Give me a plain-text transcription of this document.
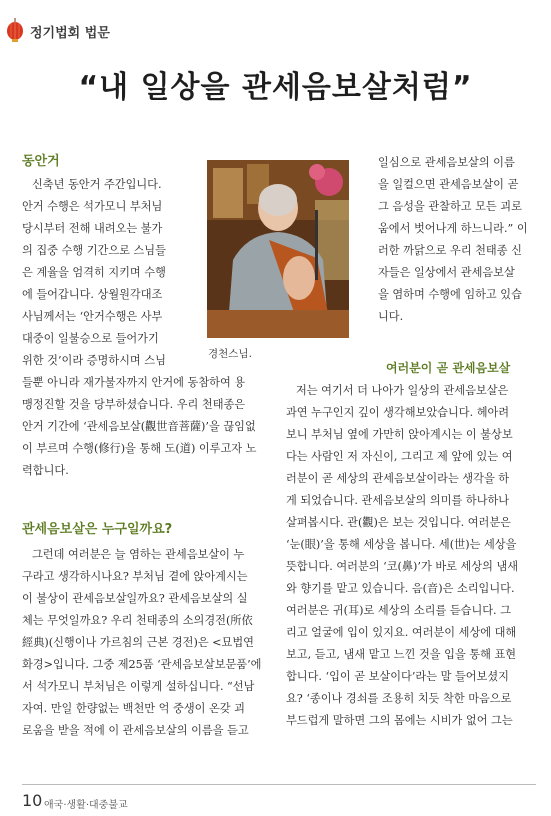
정기법회 법문
“내 일상을 관세음보살처럼”
동안거
여러분이 곧 관세음보살
관세음보살은 누구일까요?
신축년 동안거 주간입니다.
안거 수행은 석가모니 부처님
당시부터 전해 내려오는 불가
의 집중 수행 기간으로 스님들
은 계율을 엄격히 지키며 수행
에 들어갑니다. 상월원각대조
사님께서는 ‘안거수행은 사부
대중이 일불승으로 들어가기
위한 것’이라 증명하시며 스님
들뿐 아니라 재가불자까지 안거에 동참하여 용
맹정진할 것을 당부하셨습니다. 우리 천태종은
안거 기간에 ‘관세음보살(觀世音菩薩)’을 끊임없
이 부르며 수행(修行)을 통해 도(道) 이루고자 노
력합니다.
그런데 여러분은 늘 염하는 관세음보살이 누
구라고 생각하시나요? 부처님 곁에 앉아계시는
이 불상이 관세음보살일까요? 관세음보살의 실
체는 무엇일까요? 우리 천태종의 소의경전(所依
經典)(신행이나 가르침의 근본 경전)은 <묘법연
화경>입니다. 그중 제25품 ‘관세음보살보문품’에
서 석가모니 부처님은 이렇게 설하십니다. “선남
자여. 만일 한량없는 백천만 억 중생이 온갖 괴
로움을 받을 적에 이 관세음보살의 이름을 듣고
경천스님.
일심으로 관세음보살의 이름
을 일컬으면 관세음보살이 곧
그 음성을 관찰하고 모든 괴로
움에서 벗어나게 하느니라.” 이
러한 까닭으로 우리 천태종 신
자들은 일상에서 관세음보살
을 염하며 수행에 임하고 있습
니다.
저는 여기서 더 나아가 일상의 관세음보살은
과연 누구인지 깊이 생각해보았습니다. 헤아려
보니 부처님 옆에 가만히 앉아계시는 이 불상보
다는 사람인 저 자신이, 그리고 제 앞에 있는 여
러분이 곧 세상의 관세음보살이라는 생각을 하
게 되었습니다. 관세음보살의 의미를 하나하나
살펴봅시다. 관(觀)은 보는 것입니다. 여러분은
‘눈(眼)’을 통해 세상을 봅니다. 세(世)는 세상을
뜻합니다. 여러분의 ‘코(鼻)’가 바로 세상의 냄새
와 향기를 맡고 있습니다. 음(音)은 소리입니다.
여러분은 귀(耳)로 세상의 소리를 듣습니다. 그
리고 얼굴에 입이 있지요. 여러분이 세상에 대해
보고, 듣고, 냄새 맡고 느낀 것을 입을 통해 표현
합니다. ‘입이 곧 보살이다’라는 말 들어보셨지
요? ‘종이나 경쇠를 조용히 치듯 착한 마음으로
부드럽게 말하면 그의 몸에는 시비가 없어 그는
10 애국·생활·대중불교
